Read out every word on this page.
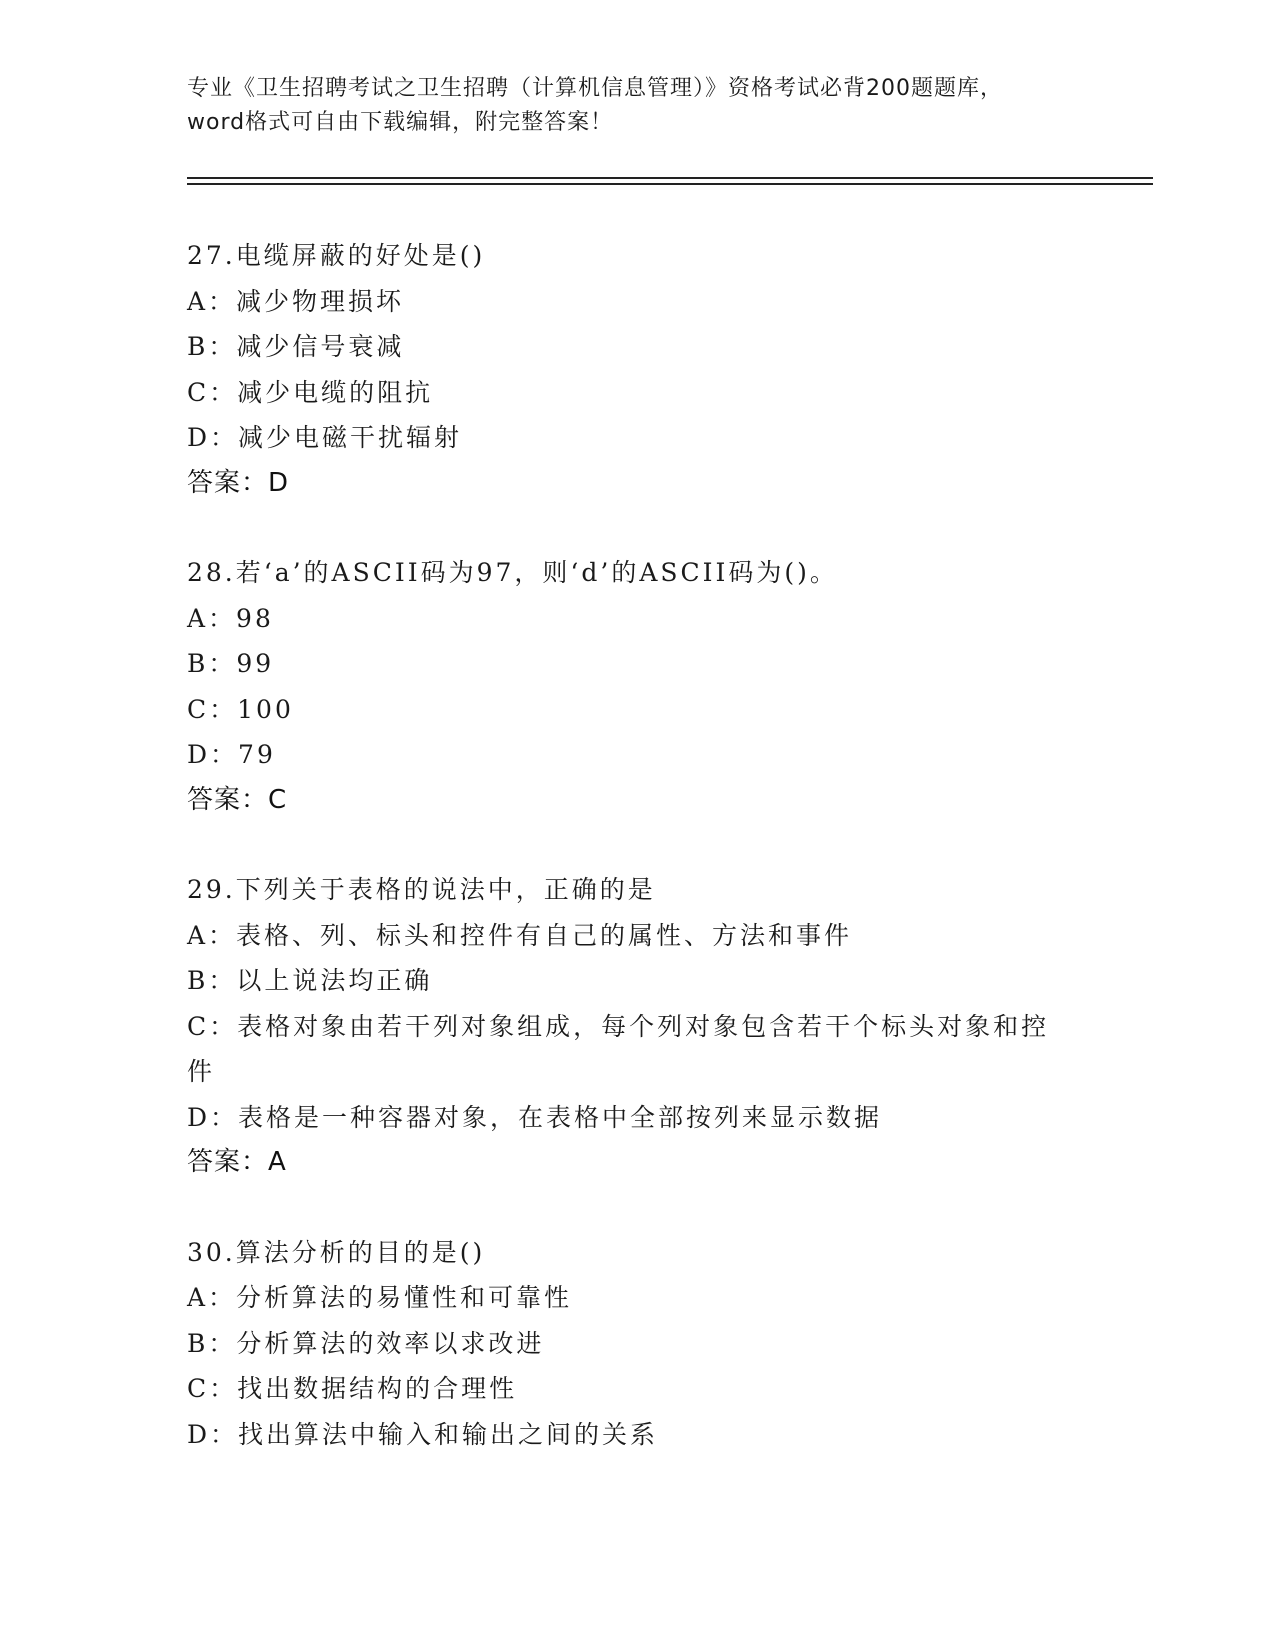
专业《卫生招聘考试之卫生招聘（计算机信息管理）》资格考试必背200题题库，
word格式可自由下载编辑，附完整答案！
27.电缆屏蔽的好处是()
A：减少物理损坏
B：减少信号衰减
C：减少电缆的阻抗
D：减少电磁干扰辐射
答案：D
28.若‘a’的ASCII码为97，则‘d’的ASCII码为()。
A：98
B：99
C：100
D：79
答案：C
29.下列关于表格的说法中，正确的是
A：表格、列、标头和控件有自己的属性、方法和事件
B：以上说法均正确
C：表格对象由若干列对象组成，每个列对象包含若干个标头对象和控件
D：表格是一种容器对象，在表格中全部按列来显示数据
答案：A
30.算法分析的目的是()
A：分析算法的易懂性和可靠性
B：分析算法的效率以求改进
C：找出数据结构的合理性
D：找出算法中输入和输出之间的关系
